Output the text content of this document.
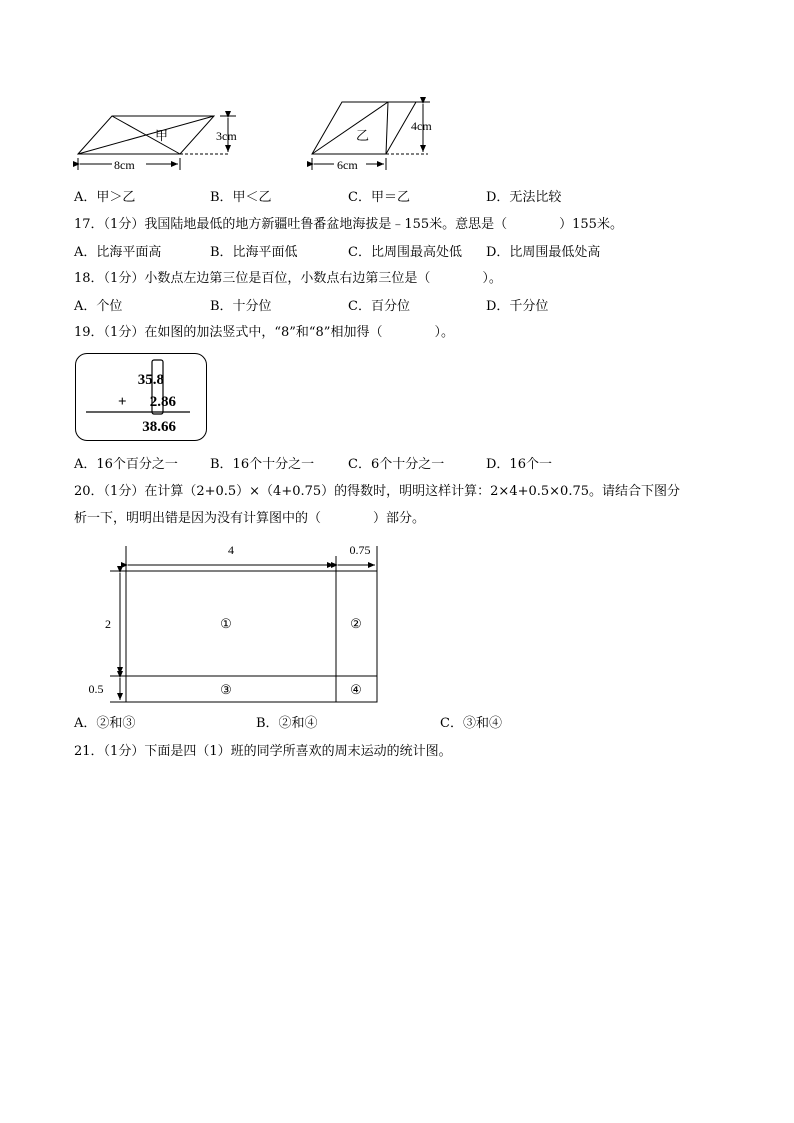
甲	3cm
8cm
乙
4cm
6cm
A．甲＞乙	B．甲＜乙	C．甲＝乙	D．无法比较
17．（1分）我国陆地最低的地方新疆吐鲁番盆地海拔是﹣155米。意思是（　　　　）155米。
A．比海平面高	B．比海平面低	C．比周围最高处低 D．比周围最低处高
18．（1分）小数点左边第三位是百位，小数点右边第三位是（　　　　）。
A．个位	B．十分位	C．百分位	D．千分位
19．（1分）在如图的加法竖式中，“8”和“8”相加得（　　　　）。
35.8
+ 2.86
38.66
A．16个百分之一 B．16个十分之一	C．6个十分之一	D．16个一
20．（1分）在计算（2+0.5）×（4+0.75）的得数时，明明这样计算：2×4+0.5×0.75。请结合下图分
析一下，明明出错是因为没有计算图中的（　　　　）部分。
4	0.75
2
0.5
①	②
③	④
A．②和③	B．②和④	C．③和④
21．（1分）下面是四（1）班的同学所喜欢的周末运动的统计图。
